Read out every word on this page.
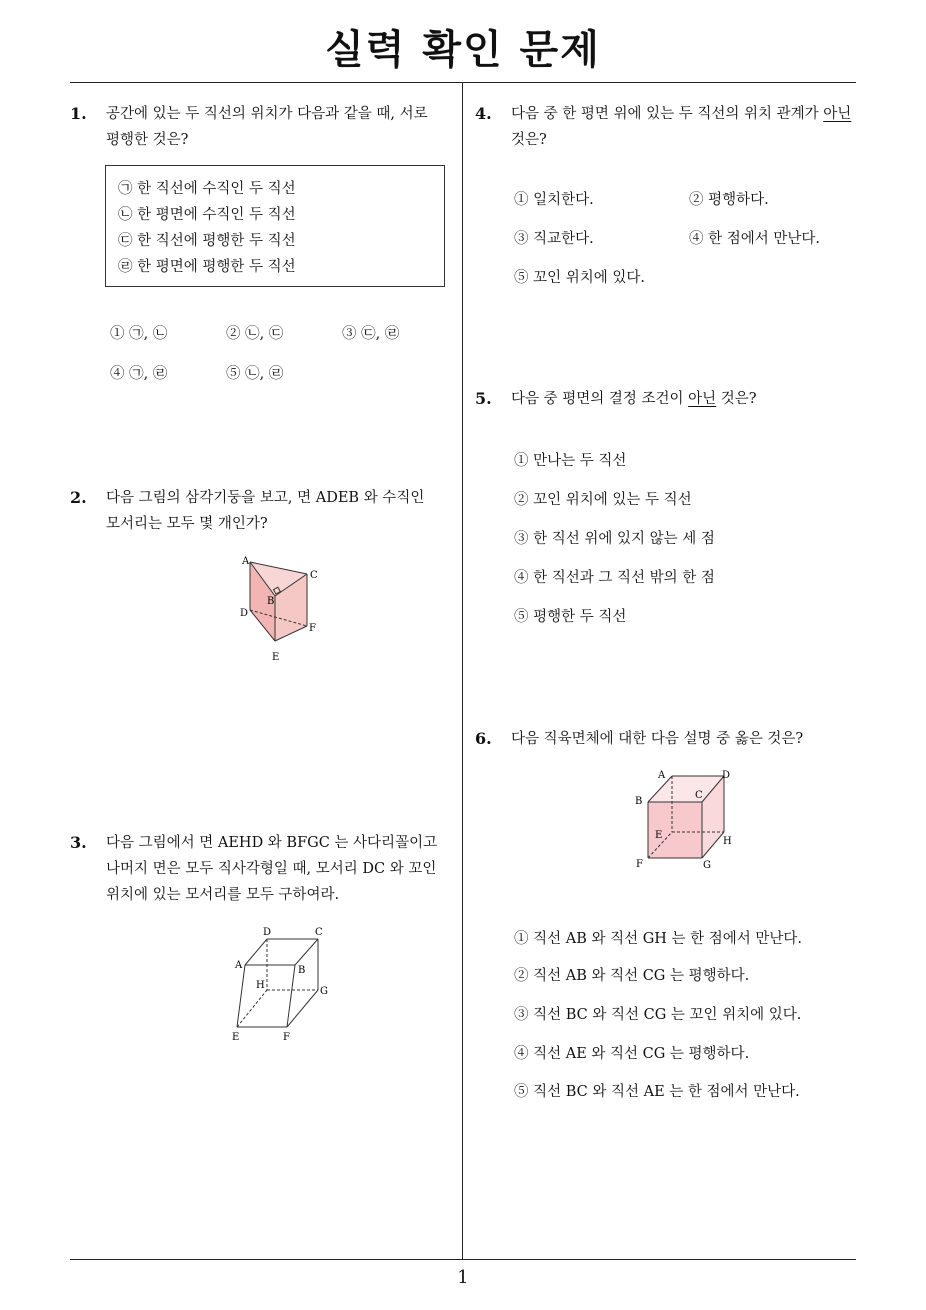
실력 확인 문제
1
1. 공간에 있는 두 직선의 위치가 다음과 같을 때, 서로
평행한 것은?
㉠ 한 직선에 수직인 두 직선
㉡ 한 평면에 수직인 두 직선
㉢ 한 직선에 평행한 두 직선
㉣ 한 평면에 평행한 두 직선
① ㉠, ㉡	② ㉡, ㉢	③ ㉢, ㉣
④ ㉠, ㉣	⑤ ㉡, ㉣
2. 다음 그림의 삼각기둥을 보고, 면 ADEB 와 수직인
모서리는 모두 몇 개인가?
A
B
C
D
E
F
3. 다음 그림에서 면 AEHD 와 BFGC 는 사다리꼴이고
나머지 면은 모두 직사각형일 때, 모서리 DC 와 꼬인
위치에 있는 모서리를 모두 구하여라.
D	C
A	B
H
G
E	F
4. 다음 중 한 평면 위에 있는 두 직선의 위치 관계가 아닌
것은?
① 일치한다.	② 평행하다.
③ 직교한다.	④ 한 점에서 만난다.
⑤ 꼬인 위치에 있다.
5. 다음 중 평면의 결정 조건이 아닌 것은?
① 만나는 두 직선
② 꼬인 위치에 있는 두 직선
③ 한 직선 위에 있지 않는 세 점
④ 한 직선과 그 직선 밖의 한 점
⑤ 평행한 두 직선
6. 다음 직육면체에 대한 다음 설명 중 옳은 것은?
① 직선 AB 와 직선 GH 는 한 점에서 만난다.
② 직선 AB 와 직선 CG 는 평행하다.
③ 직선 BC 와 직선 CG 는 꼬인 위치에 있다.
④ 직선 AE 와 직선 CG 는 평행하다.
⑤ 직선 BC 와 직선 AE 는 한 점에서 만난다.
A	D
B
C
E
H
F	G
